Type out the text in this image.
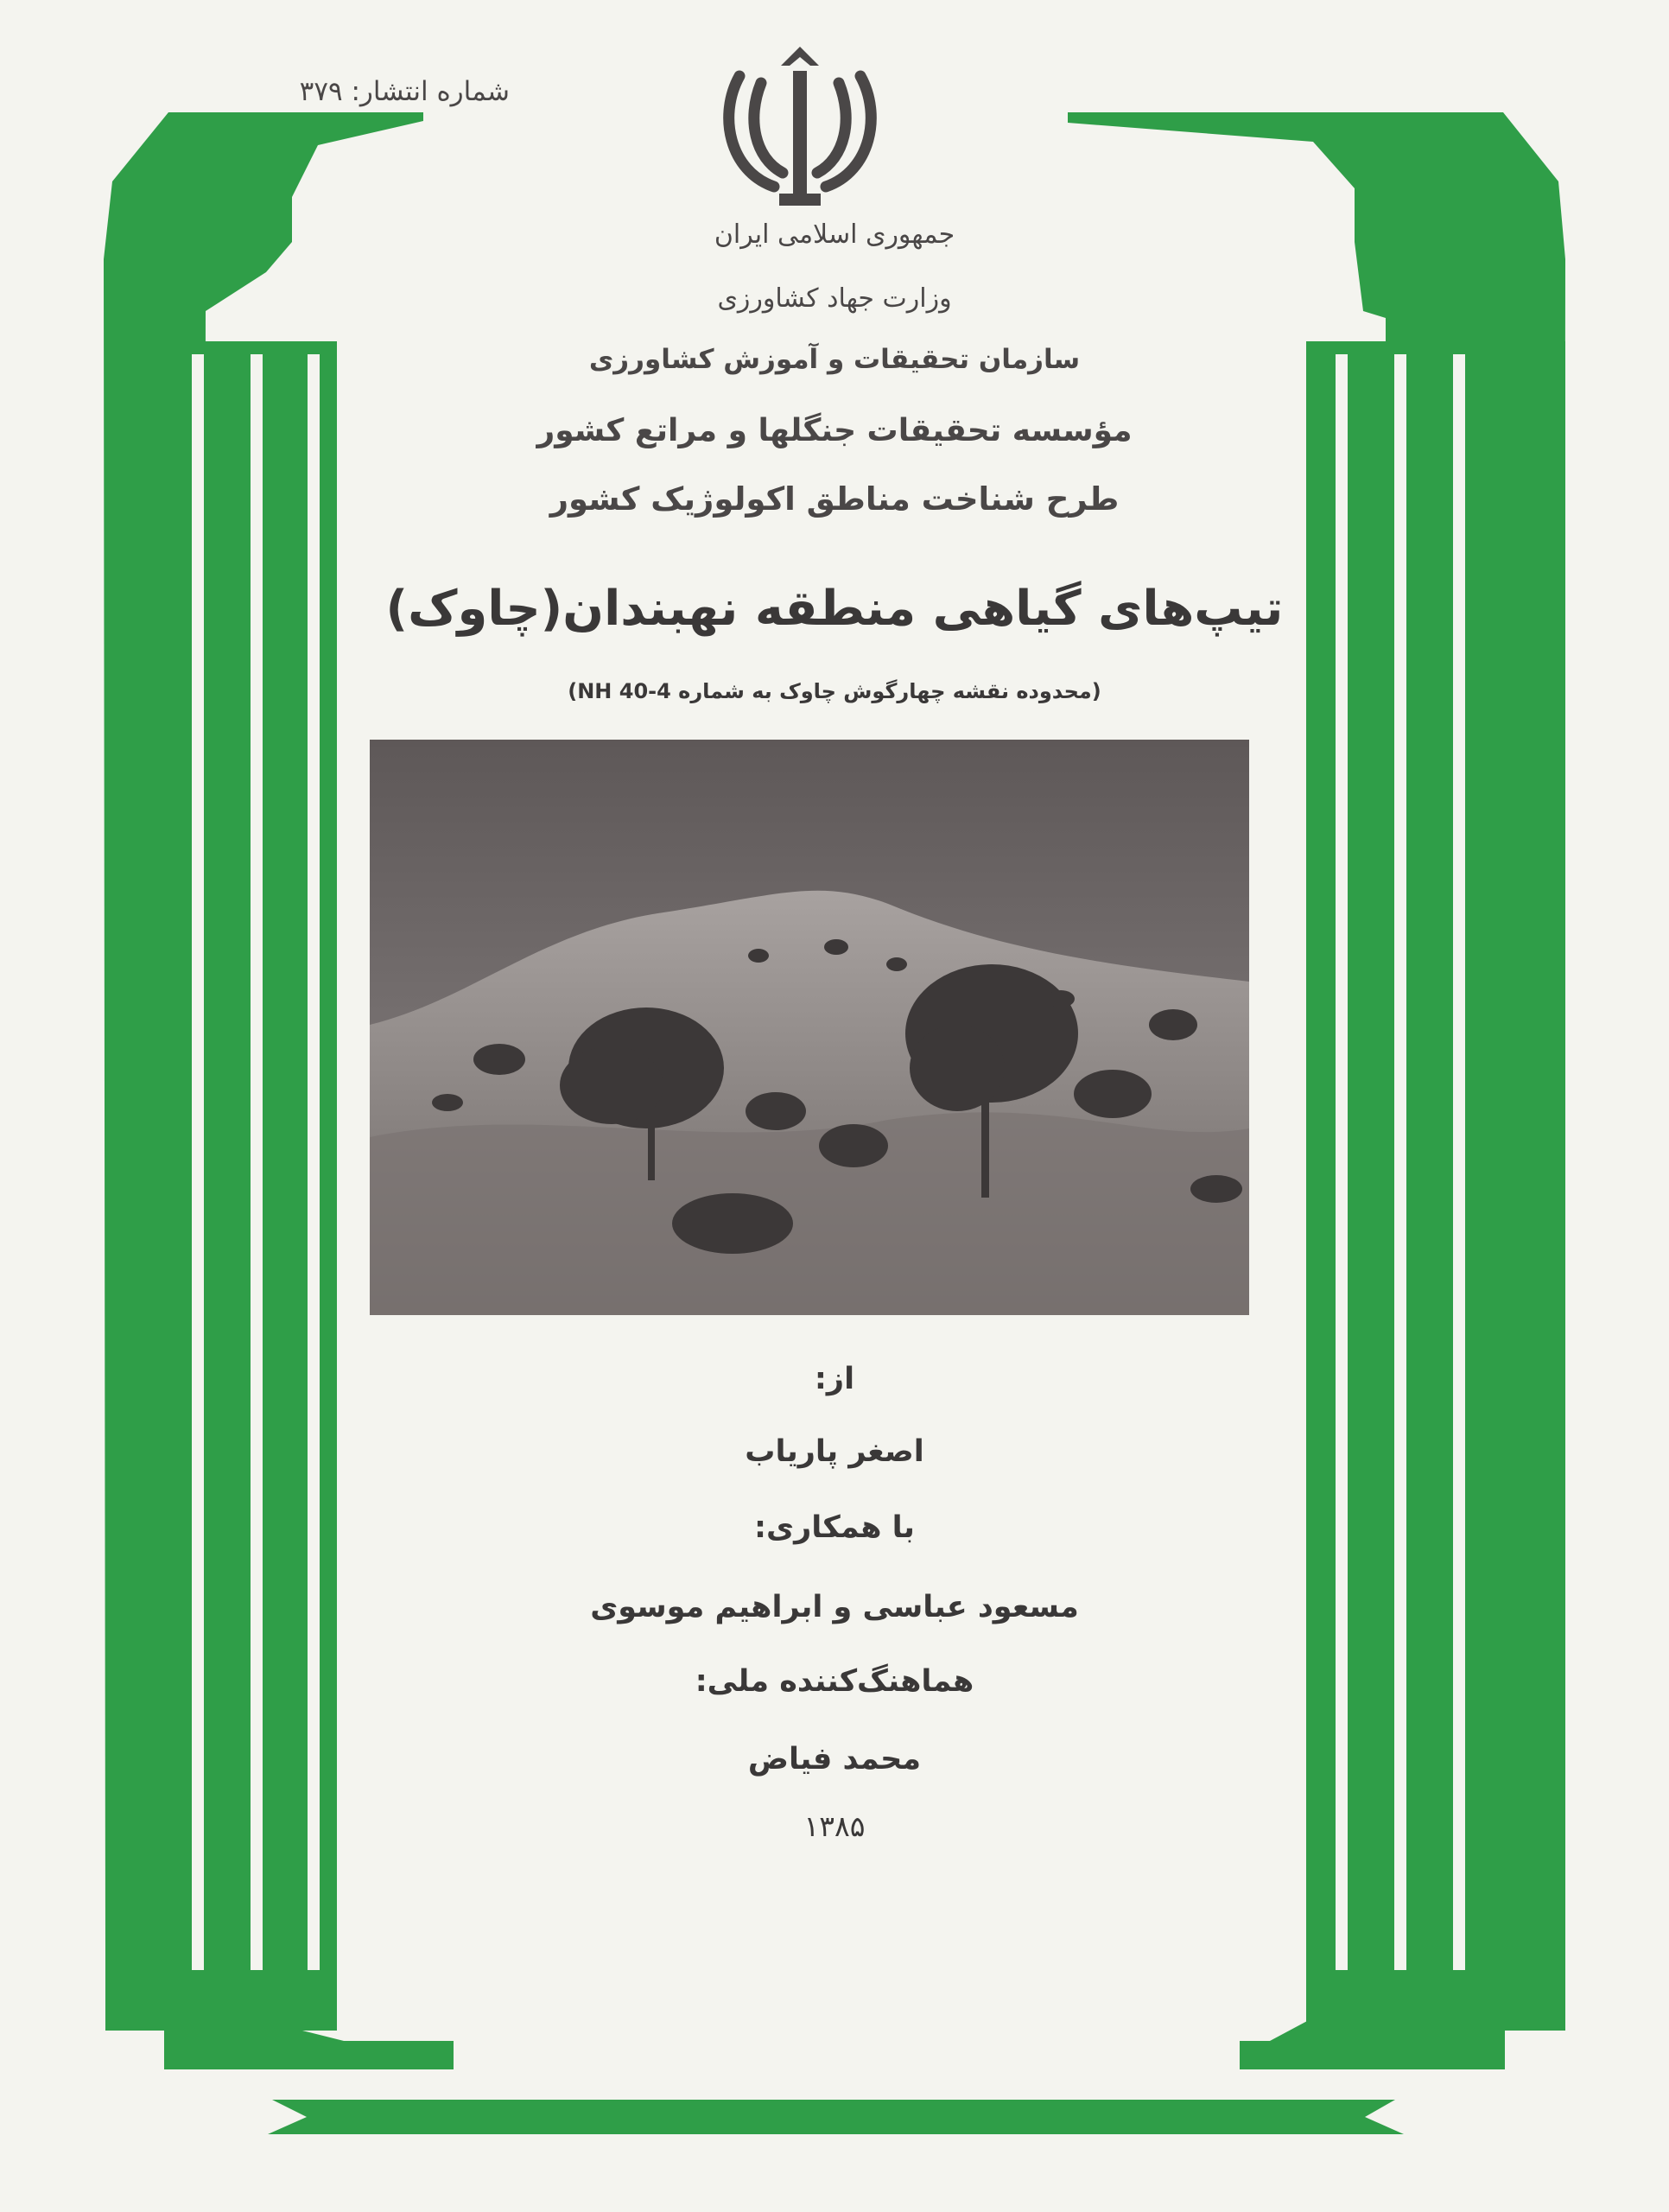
شماره انتشار: ۳۷۹
جمهوری اسلامی ایران
وزارت جهاد کشاورزی
سازمان تحقیقات و آموزش کشاورزی
مؤسسه تحقیقات جنگلها و مراتع کشور
طرح شناخت مناطق اکولوژیک کشور
تیپ‌های گیاهی منطقه نهبندان(چاوک)
(محدوده نقشه چهارگوش چاوک به شماره NH 40-4)
از:
اصغر پاریاب
با همکاری:
مسعود عباسی و ابراهیم موسوی
هماهنگ‌کننده ملی:
محمد فیاض
۱۳۸۵
